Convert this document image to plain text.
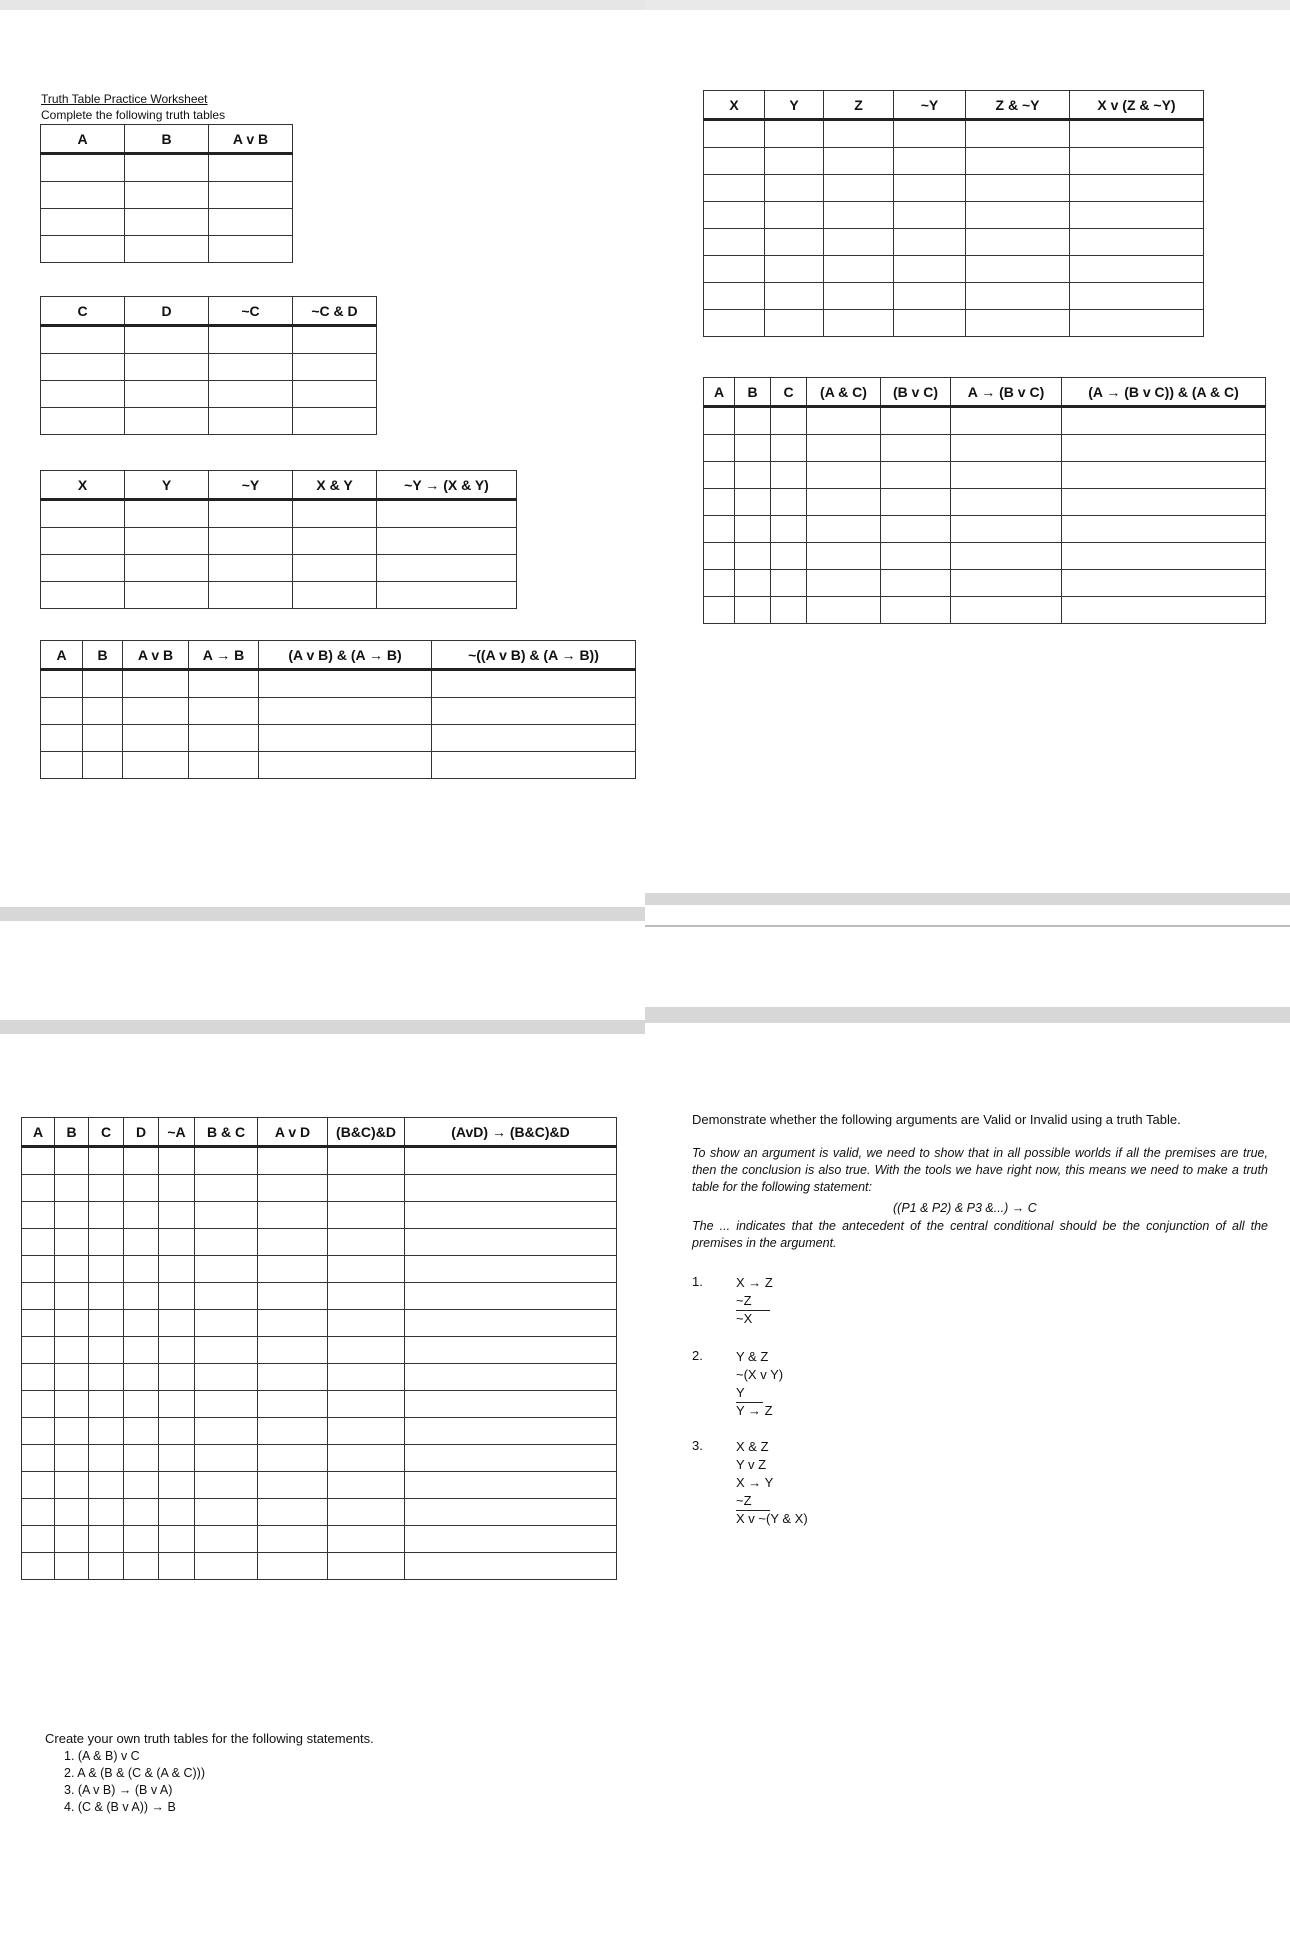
Truth Table Practice Worksheet
Complete the following truth tables
A	B	A v B

C	D	~C	~C & D

X	Y	~Y	X & Y	~Y → (X & Y)

A	B	A v B	A → B	(A v B) & (A → B)	~((A v B) & (A → B))

X	Y	Z	~Y	Z & ~Y	X v (Z & ~Y)

A	B	C	(A & C)	(B v C)	A → (B v C)	(A → (B v C)) & (A & C)

A	B	C	D	~A	B & C	A v D	(B&C)&D	(AvD) → (B&C)&D

Create your own truth tables for the following statements.
1. (A & B) v C
2. A & (B & (C & (A & C)))
3. (A v B) → (B v A)
4. (C & (B v A)) → B
Demonstrate whether the following arguments are Valid or Invalid using a truth Table.
To show an argument is valid, we need to show that in all possible worlds if all the premises are true, then the conclusion is also true. With the tools we have right now, this means we need to make a truth table for the following statement:
((P1 & P2) & P3 &...) → C
The ... indicates that the antecedent of the central conditional should be the conjunction of all the premises in the argument.
1.	X → Z
~Z
~X
2.	Y & Z
~(X v Y)
Y
Y → Z
3.	X & Z
Y v Z
X → Y
~Z
X v ~(Y & X)
